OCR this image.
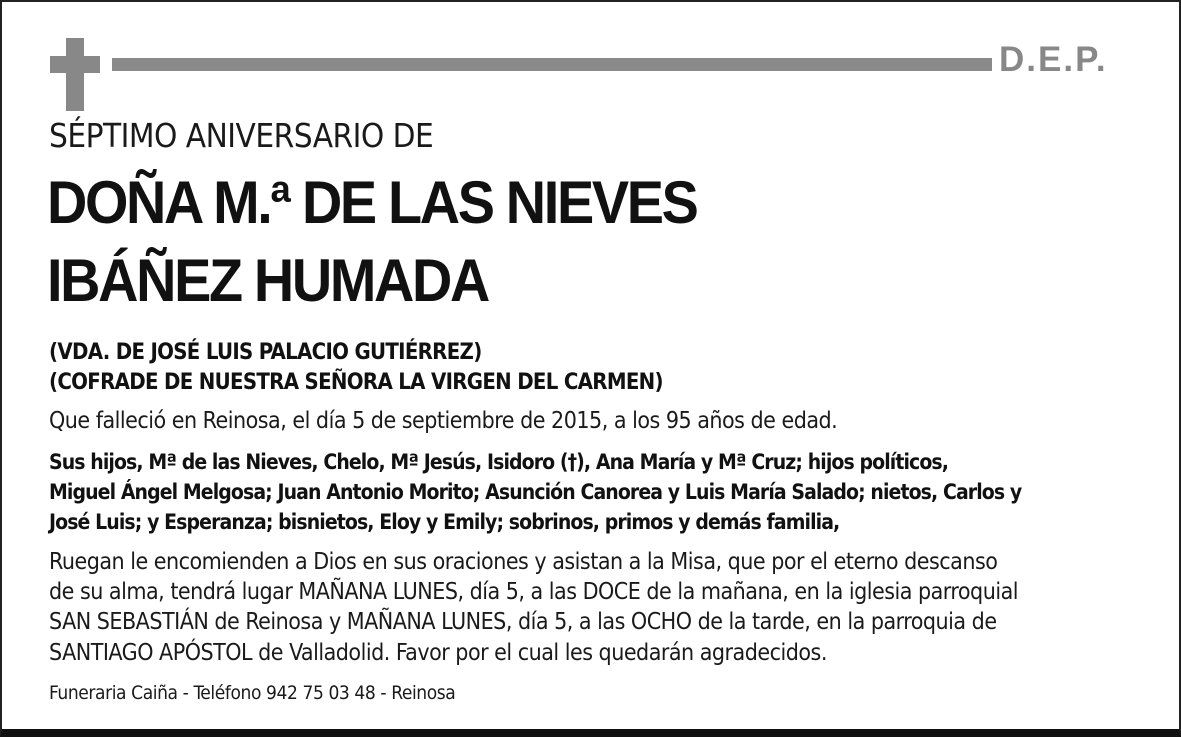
D.E.P.
SÉPTIMO ANIVERSARIO DE
DOÑA M.ª DE LAS NIEVES
IBÁÑEZ HUMADA
(VDA. DE JOSÉ LUIS PALACIO GUTIÉRREZ)
(COFRADE DE NUESTRA SEÑORA LA VIRGEN DEL CARMEN)
Que falleció en Reinosa, el día 5 de septiembre de 2015, a los 95 años de edad.
Sus hijos, Mª de las Nieves, Chelo, Mª Jesús, Isidoro (†), Ana María y Mª Cruz; hijos políticos,
Miguel Ángel Melgosa; Juan Antonio Morito; Asunción Canorea y Luis María Salado; nietos, Carlos y
José Luis; y Esperanza; bisnietos, Eloy y Emily; sobrinos, primos y demás familia,
Ruegan le encomienden a Dios en sus oraciones y asistan a la Misa, que por el eterno descanso
de su alma, tendrá lugar MAÑANA LUNES, día 5, a las DOCE de la mañana, en la iglesia parroquial
SAN SEBASTIÁN de Reinosa y MAÑANA LUNES, día 5, a las OCHO de la tarde, en la parroquia de
SANTIAGO APÓSTOL de Valladolid. Favor por el cual les quedarán agradecidos.
Funeraria Caiña - Teléfono 942 75 03 48 - Reinosa
